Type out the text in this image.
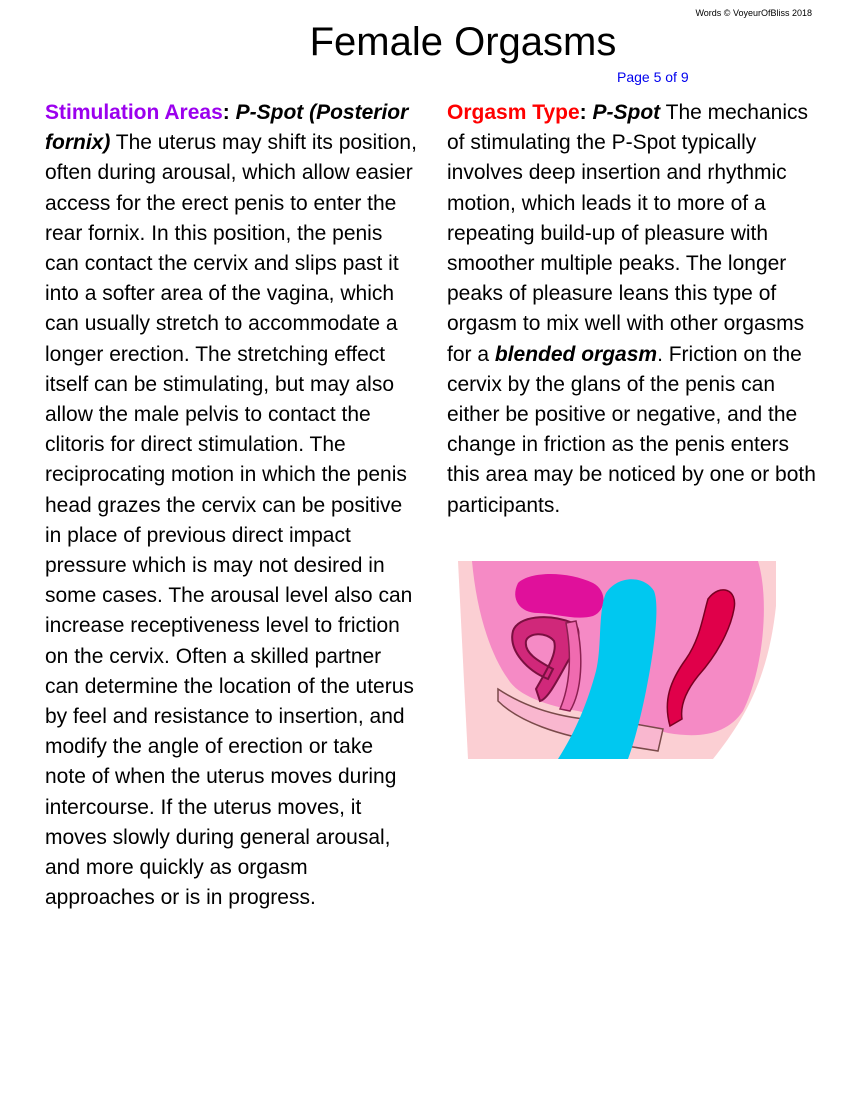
Words © VoyeurOfBliss 2018
Female Orgasms
Page 5 of 9
Stimulation Areas: P-Spot (Posterior fornix) The uterus may shift its position, often during arousal, which allow easier access for the erect penis to enter the rear fornix. In this position, the penis can contact the cervix and slips past it into a softer area of the vagina, which can usually stretch to accommodate a longer erection. The stretching effect itself can be stimulating, but may also allow the male pelvis to contact the clitoris for direct stimulation. The reciprocating motion in which the penis head grazes the cervix can be positive in place of previous direct impact pressure which is may not desired in some cases. The arousal level also can increase receptiveness level to friction on the cervix. Often a skilled partner can determine the location of the uterus by feel and resistance to insertion, and modify the angle of erection or take note of when the uterus moves during intercourse. If the uterus moves, it moves slowly during general arousal, and more quickly as orgasm approaches or is in progress.
Orgasm Type: P-Spot The mechanics of stimulating the P-Spot typically involves deep insertion and rhythmic motion, which leads it to more of a repeating build-up of pleasure with smoother multiple peaks. The longer peaks of pleasure leans this type of orgasm to mix well with other orgasms for a blended orgasm. Friction on the cervix by the glans of the penis can either be positive or negative, and the change in friction as the penis enters this area may be noticed by one or both participants.
